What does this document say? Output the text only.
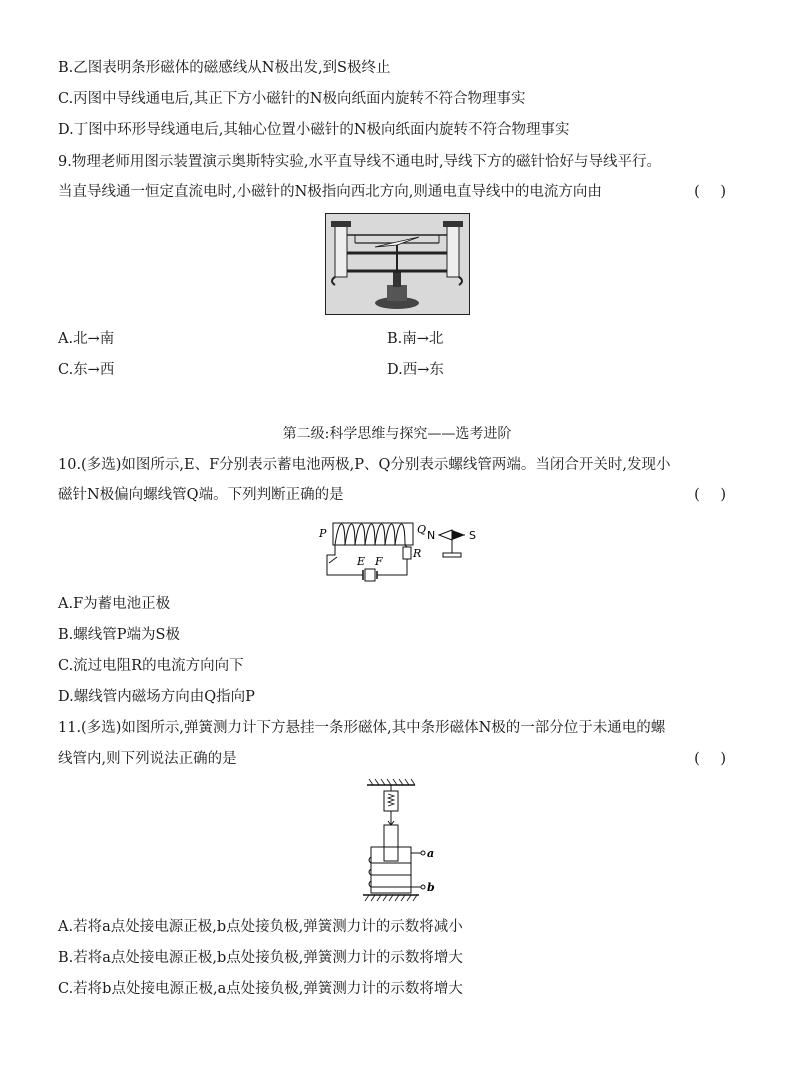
B.乙图表明条形磁体的磁感线从N极出发,到S极终止
C.丙图中导线通电后,其正下方小磁针的N极向纸面内旋转不符合物理事实
D.丁图中环形导线通电后,其轴心位置小磁针的N极向纸面内旋转不符合物理事实
9.物理老师用图示装置演示奥斯特实验,水平直导线不通电时,导线下方的磁针恰好与导线平行。
当直导线通一恒定直流电时,小磁针的N极指向西北方向,则通电直导线中的电流方向由	( )
A.北→南	B.南→北
C.东→西	D.西→东
第二级:科学思维与探究——选考进阶
10.(多选)如图所示,E、F分别表示蓄电池两极,P、Q分别表示螺线管两端。当闭合开关时,发现小
磁针N极偏向螺线管Q端。下列判断正确的是	( )
P	Q N	S
R
E F
A.F为蓄电池正极
B.螺线管P端为S极
C.流过电阻R的电流方向向下
D.螺线管内磁场方向由Q指向P
11.(多选)如图所示,弹簧测力计下方悬挂一条形磁体,其中条形磁体N极的一部分位于未通电的螺
线管内,则下列说法正确的是	( )
a
b
A.若将a点处接电源正极,b点处接负极,弹簧测力计的示数将减小
B.若将a点处接电源正极,b点处接负极,弹簧测力计的示数将增大
C.若将b点处接电源正极,a点处接负极,弹簧测力计的示数将增大
